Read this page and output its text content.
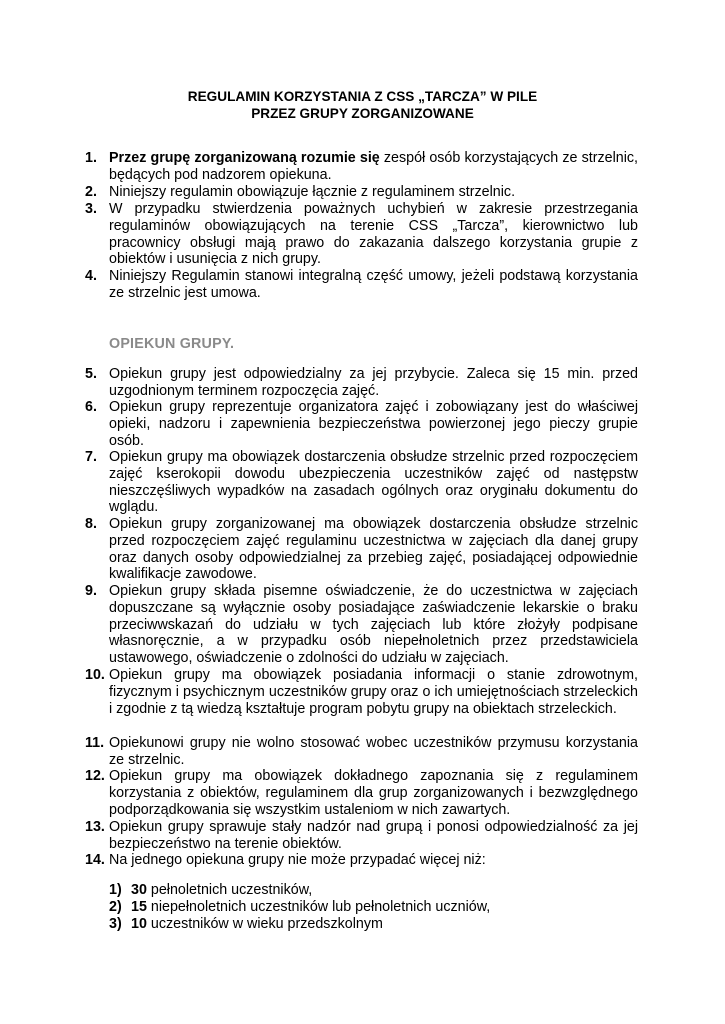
REGULAMIN KORZYSTANIA Z CSS „TARCZA” W PILE
PRZEZ GRUPY ZORGANIZOWANE
1. Przez grupę zorganizowaną rozumie się zespół osób korzystających ze strzelnic, będących pod nadzorem opiekuna.
2. Niniejszy regulamin obowiązuje łącznie z regulaminem strzelnic.
3. W przypadku stwierdzenia poważnych uchybień w zakresie przestrzegania regulaminów obowiązujących na terenie CSS „Tarcza”, kierownictwo lub pracownicy obsługi mają prawo do zakazania dalszego korzystania grupie z obiektów i usunięcia z nich grupy.
4. Niniejszy Regulamin stanowi integralną część umowy, jeżeli podstawą korzystania ze strzelnic jest umowa.
OPIEKUN GRUPY.
5. Opiekun grupy jest odpowiedzialny za jej przybycie. Zaleca się 15 min. przed uzgodnionym terminem rozpoczęcia zajęć.
6. Opiekun grupy reprezentuje organizatora zajęć i zobowiązany jest do właściwej opieki, nadzoru i zapewnienia bezpieczeństwa powierzonej jego pieczy grupie osób.
7. Opiekun grupy ma obowiązek dostarczenia obsłudze strzelnic przed rozpoczęciem zajęć kserokopii dowodu ubezpieczenia uczestników zajęć od następstw nieszczęśliwych wypadków na zasadach ogólnych oraz oryginału dokumentu do wglądu.
8. Opiekun grupy zorganizowanej ma obowiązek dostarczenia obsłudze strzelnic przed rozpoczęciem zajęć regulaminu uczestnictwa w zajęciach dla danej grupy oraz danych osoby odpowiedzialnej za przebieg zajęć, posiadającej odpowiednie kwalifikacje zawodowe.
9. Opiekun grupy składa pisemne oświadczenie, że do uczestnictwa w zajęciach dopuszczane są wyłącznie osoby posiadające zaświadczenie lekarskie o braku przeciwwskazań do udziału w tych zajęciach lub które złożyły podpisane własnoręcznie, a w przypadku osób niepełnoletnich przez przedstawiciela ustawowego, oświadczenie o zdolności do udziału w zajęciach.
10. Opiekun grupy ma obowiązek posiadania informacji o stanie zdrowotnym, fizycznym i psychicznym uczestników grupy oraz o ich umiejętnościach strzeleckich i zgodnie z tą wiedzą kształtuje program pobytu grupy na obiektach strzeleckich.
11. Opiekunowi grupy nie wolno stosować wobec uczestników przymusu korzystania ze strzelnic.
12. Opiekun grupy ma obowiązek dokładnego zapoznania się z regulaminem korzystania z obiektów, regulaminem dla grup zorganizowanych i bezwzględnego podporządkowania się wszystkim ustaleniom w nich zawartych.
13. Opiekun grupy sprawuje stały nadzór nad grupą i ponosi odpowiedzialność za jej bezpieczeństwo na terenie obiektów.
14. Na jednego opiekuna grupy nie może przypadać więcej niż:
1) 30 pełnoletnich uczestników,
2) 15 niepełnoletnich uczestników lub pełnoletnich uczniów,
3) 10 uczestników w wieku przedszkolnym
